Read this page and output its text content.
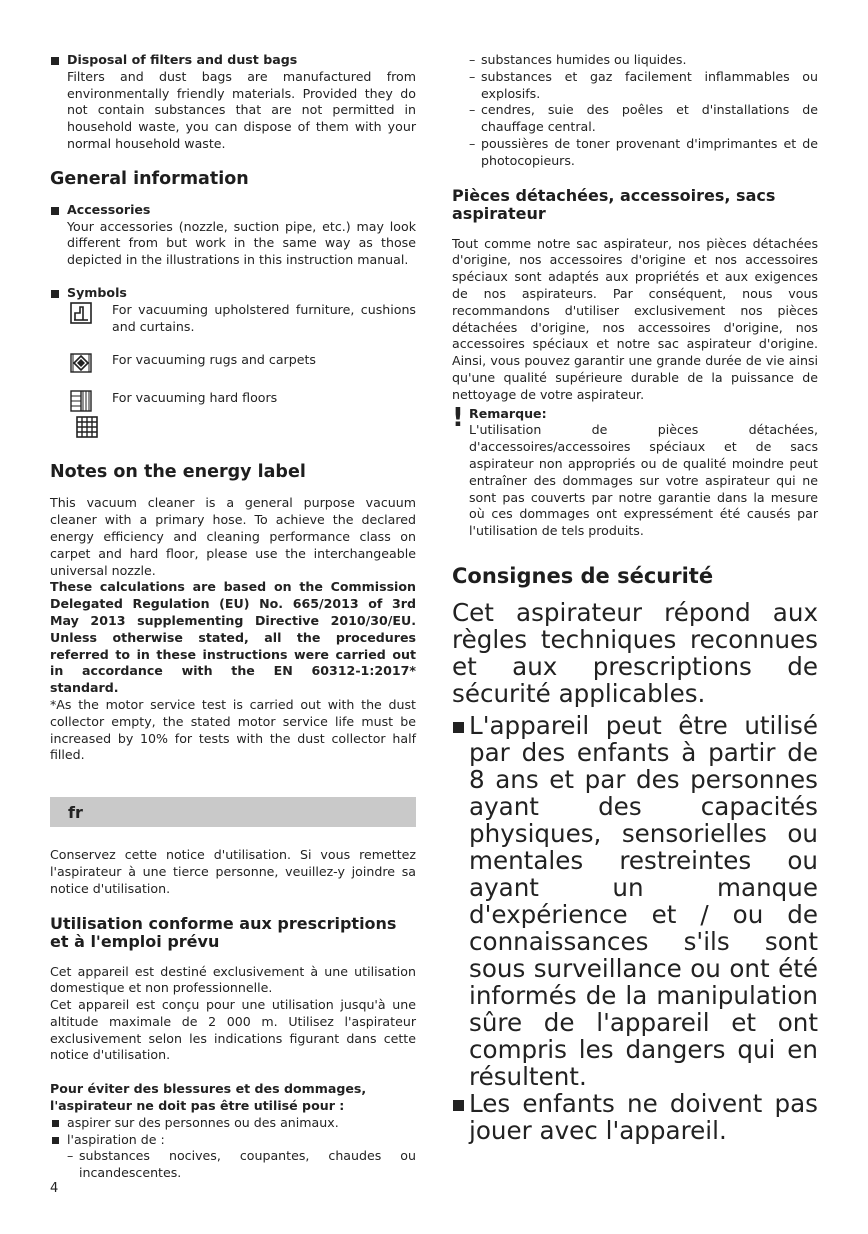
Disposal of filters and dust bags

Filters and dust bags are manufactured from environmentally friendly materials. Provided they do not contain substances that are not permitted in household waste, you can dispose of them with your normal household waste.

General information
Accessories

Your accessories (nozzle, suction pipe, etc.) may look different from but work in the same way as those depicted in the illustrations in this instruction manual.

Symbols

For vacuuming upholstered furniture, cushions and curtains.

For vacuuming rugs and carpets

For vacuuming hard floors

Notes on the energy label

This vacuum cleaner is a general purpose vacuum cleaner with a primary hose. To achieve the declared energy efficiency and cleaning performance class on carpet and hard floor, please use the interchangeable universal nozzle.

These calculations are based on the Commission Delegated Regulation (EU) No. 665/2013 of 3rd May 2013 supplementing Directive 2010/30/EU. Unless otherwise stated, all the procedures referred to in these instructions were carried out in accordance with the EN 60312-1:2017* standard.

*As the motor service test is carried out with the dust collector empty, the stated motor service life must be increased by 10% for tests with the dust collector half filled.

fr

Conservez cette notice d'utilisation. Si vous remettez l'aspirateur à une tierce personne, veuillez-y joindre sa notice d'utilisation.

Utilisation conforme aux prescriptions et à l'emploi prévu

Cet appareil est destiné exclusivement à une utilisation domestique et non professionnelle.

Cet appareil est conçu pour une utilisation jusqu'à une altitude maximale de 2 000 m. Utilisez l'aspirateur exclusivement selon les indications figurant dans cette notice d'utilisation.

Pour éviter des blessures et des dommages, l'aspirateur ne doit pas être utilisé pour :

aspirer sur des personnes ou des animaux.
l'aspiration de :
– substances nocives, coupantes, chaudes ou incandescentes.
– substances humides ou liquides.
– substances et gaz facilement inflammables ou explosifs.
– cendres, suie des poêles et d'installations de chauffage central.
– poussières de toner provenant d'imprimantes et de photocopieurs.
Pièces détachées, accessoires, sacs aspirateur

Tout comme notre sac aspirateur, nos pièces détachées d'origine, nos accessoires d'origine et nos accessoires spéciaux sont adaptés aux propriétés et aux exigences de nos aspirateurs. Par conséquent, nous vous recommandons d'utiliser exclusivement nos pièces détachées d'origine, nos accessoires d'origine, nos accessoires spéciaux et notre sac aspirateur d'origine. Ainsi, vous pouvez garantir une grande durée de vie ainsi qu'une qualité supérieure durable de la puissance de nettoyage de votre aspirateur.

! Remarque:

L'utilisation de pièces détachées, d'accessoires/accessoires spéciaux et de sacs aspirateur non appropriés ou de qualité moindre peut entraîner des dommages sur votre aspirateur qui ne sont pas couverts par notre garantie dans la mesure où ces dommages ont expressément été causés par l'utilisation de tels produits.

Consignes de sécurité

Cet aspirateur répond aux règles techniques reconnues et aux prescriptions de sécurité applicables.

L'appareil peut être utilisé par des enfants à partir de 8 ans et par des personnes ayant des capacités physiques, sensorielles ou mentales restreintes ou ayant un manque d'expérience et / ou de connaissances s'ils sont sous surveillance ou ont été informés de la manipulation sûre de l'appareil et ont compris les dangers qui en résultent.
Les enfants ne doivent pas jouer avec l'appareil.
4
